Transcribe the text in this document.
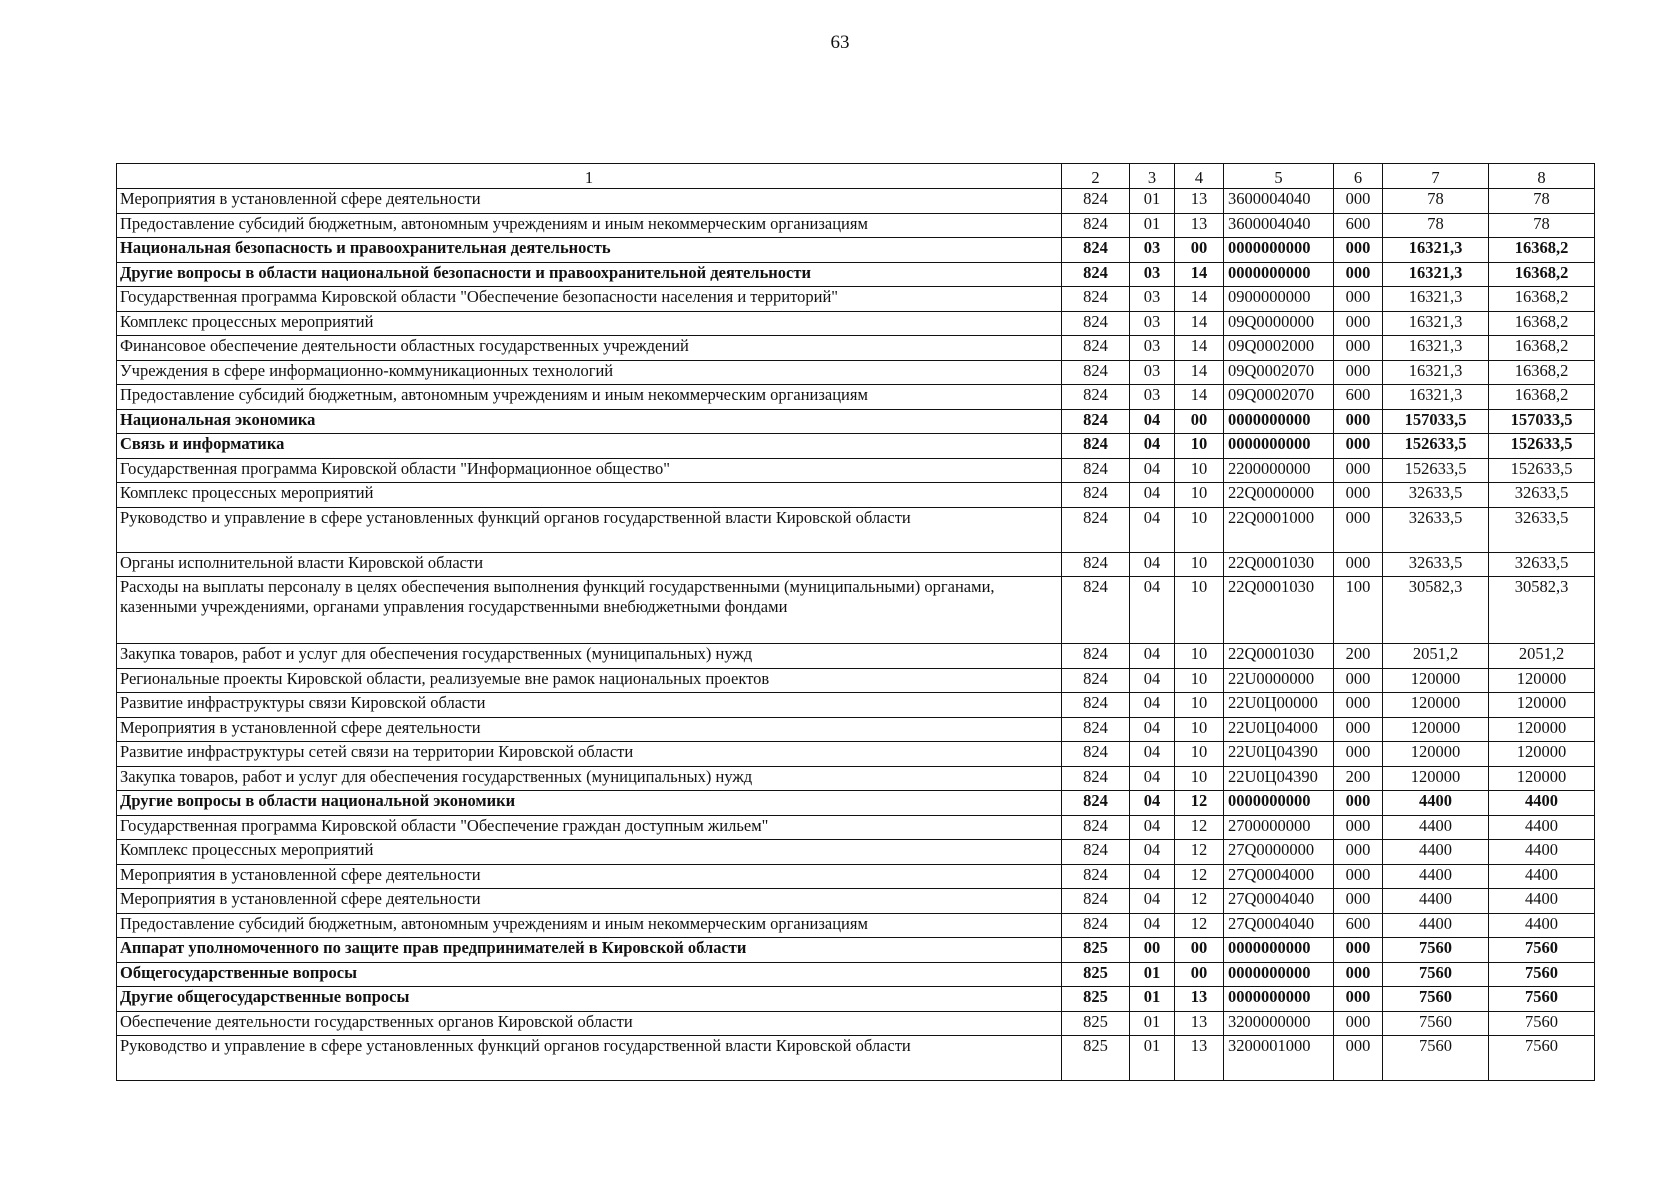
63
1	2	3	4	5	6	7	8
Мероприятия в установленной сфере деятельности	824	01	13	3600004040	000	78	78
Предоставление субсидий бюджетным, автономным учреждениям и иным некоммерческим организациям	824	01	13	3600004040	600	78	78
Национальная безопасность и правоохранительная деятельность	824	03	00	0000000000	000	16321,3	16368,2
Другие вопросы в области национальной безопасности и правоохранительной деятельности	824	03	14	0000000000	000	16321,3	16368,2
Государственная программа Кировской области "Обеспечение безопасности населения и территорий"	824	03	14	0900000000	000	16321,3	16368,2
Комплекс процессных мероприятий	824	03	14	09Q0000000	000	16321,3	16368,2
Финансовое обеспечение деятельности областных государственных учреждений	824	03	14	09Q0002000	000	16321,3	16368,2
Учреждения в сфере информационно-коммуникационных технологий	824	03	14	09Q0002070	000	16321,3	16368,2
Предоставление субсидий бюджетным, автономным учреждениям и иным некоммерческим организациям	824	03	14	09Q0002070	600	16321,3	16368,2
Национальная экономика	824	04	00	0000000000	000	157033,5	157033,5
Связь и информатика	824	04	10	0000000000	000	152633,5	152633,5
Государственная программа Кировской области "Информационное общество"	824	04	10	2200000000	000	152633,5	152633,5
Комплекс процессных мероприятий	824	04	10	22Q0000000	000	32633,5	32633,5
Руководство и управление в сфере установленных функций органов государственной власти Кировской области	824	04	10	22Q0001000	000	32633,5	32633,5
Органы исполнительной власти Кировской области	824	04	10	22Q0001030	000	32633,5	32633,5
Расходы на выплаты персоналу в целях обеспечения выполнения функций государственными (муниципальными) органами, казенными учреждениями, органами управления государственными внебюджетными фондами	824	04	10	22Q0001030	100	30582,3	30582,3
Закупка товаров, работ и услуг для обеспечения государственных (муниципальных) нужд	824	04	10	22Q0001030	200	2051,2	2051,2
Региональные проекты Кировской области, реализуемые вне рамок национальных проектов	824	04	10	22U0000000	000	120000	120000
Развитие инфраструктуры связи Кировской области	824	04	10	22U0Ц00000	000	120000	120000
Мероприятия в установленной сфере деятельности	824	04	10	22U0Ц04000	000	120000	120000
Развитие инфраструктуры сетей связи на территории Кировской области	824	04	10	22U0Ц04390	000	120000	120000
Закупка товаров, работ и услуг для обеспечения государственных (муниципальных) нужд	824	04	10	22U0Ц04390	200	120000	120000
Другие вопросы в области национальной экономики	824	04	12	0000000000	000	4400	4400
Государственная программа Кировской области "Обеспечение граждан доступным жильем"	824	04	12	2700000000	000	4400	4400
Комплекс процессных мероприятий	824	04	12	27Q0000000	000	4400	4400
Мероприятия в установленной сфере деятельности	824	04	12	27Q0004000	000	4400	4400
Мероприятия в установленной сфере деятельности	824	04	12	27Q0004040	000	4400	4400
Предоставление субсидий бюджетным, автономным учреждениям и иным некоммерческим организациям	824	04	12	27Q0004040	600	4400	4400
Аппарат уполномоченного по защите прав предпринимателей в Кировской области	825	00	00	0000000000	000	7560	7560
Общегосударственные вопросы	825	01	00	0000000000	000	7560	7560
Другие общегосударственные вопросы	825	01	13	0000000000	000	7560	7560
Обеспечение деятельности государственных органов Кировской области	825	01	13	3200000000	000	7560	7560
Руководство и управление в сфере установленных функций органов государственной власти Кировской области	825	01	13	3200001000	000	7560	7560
